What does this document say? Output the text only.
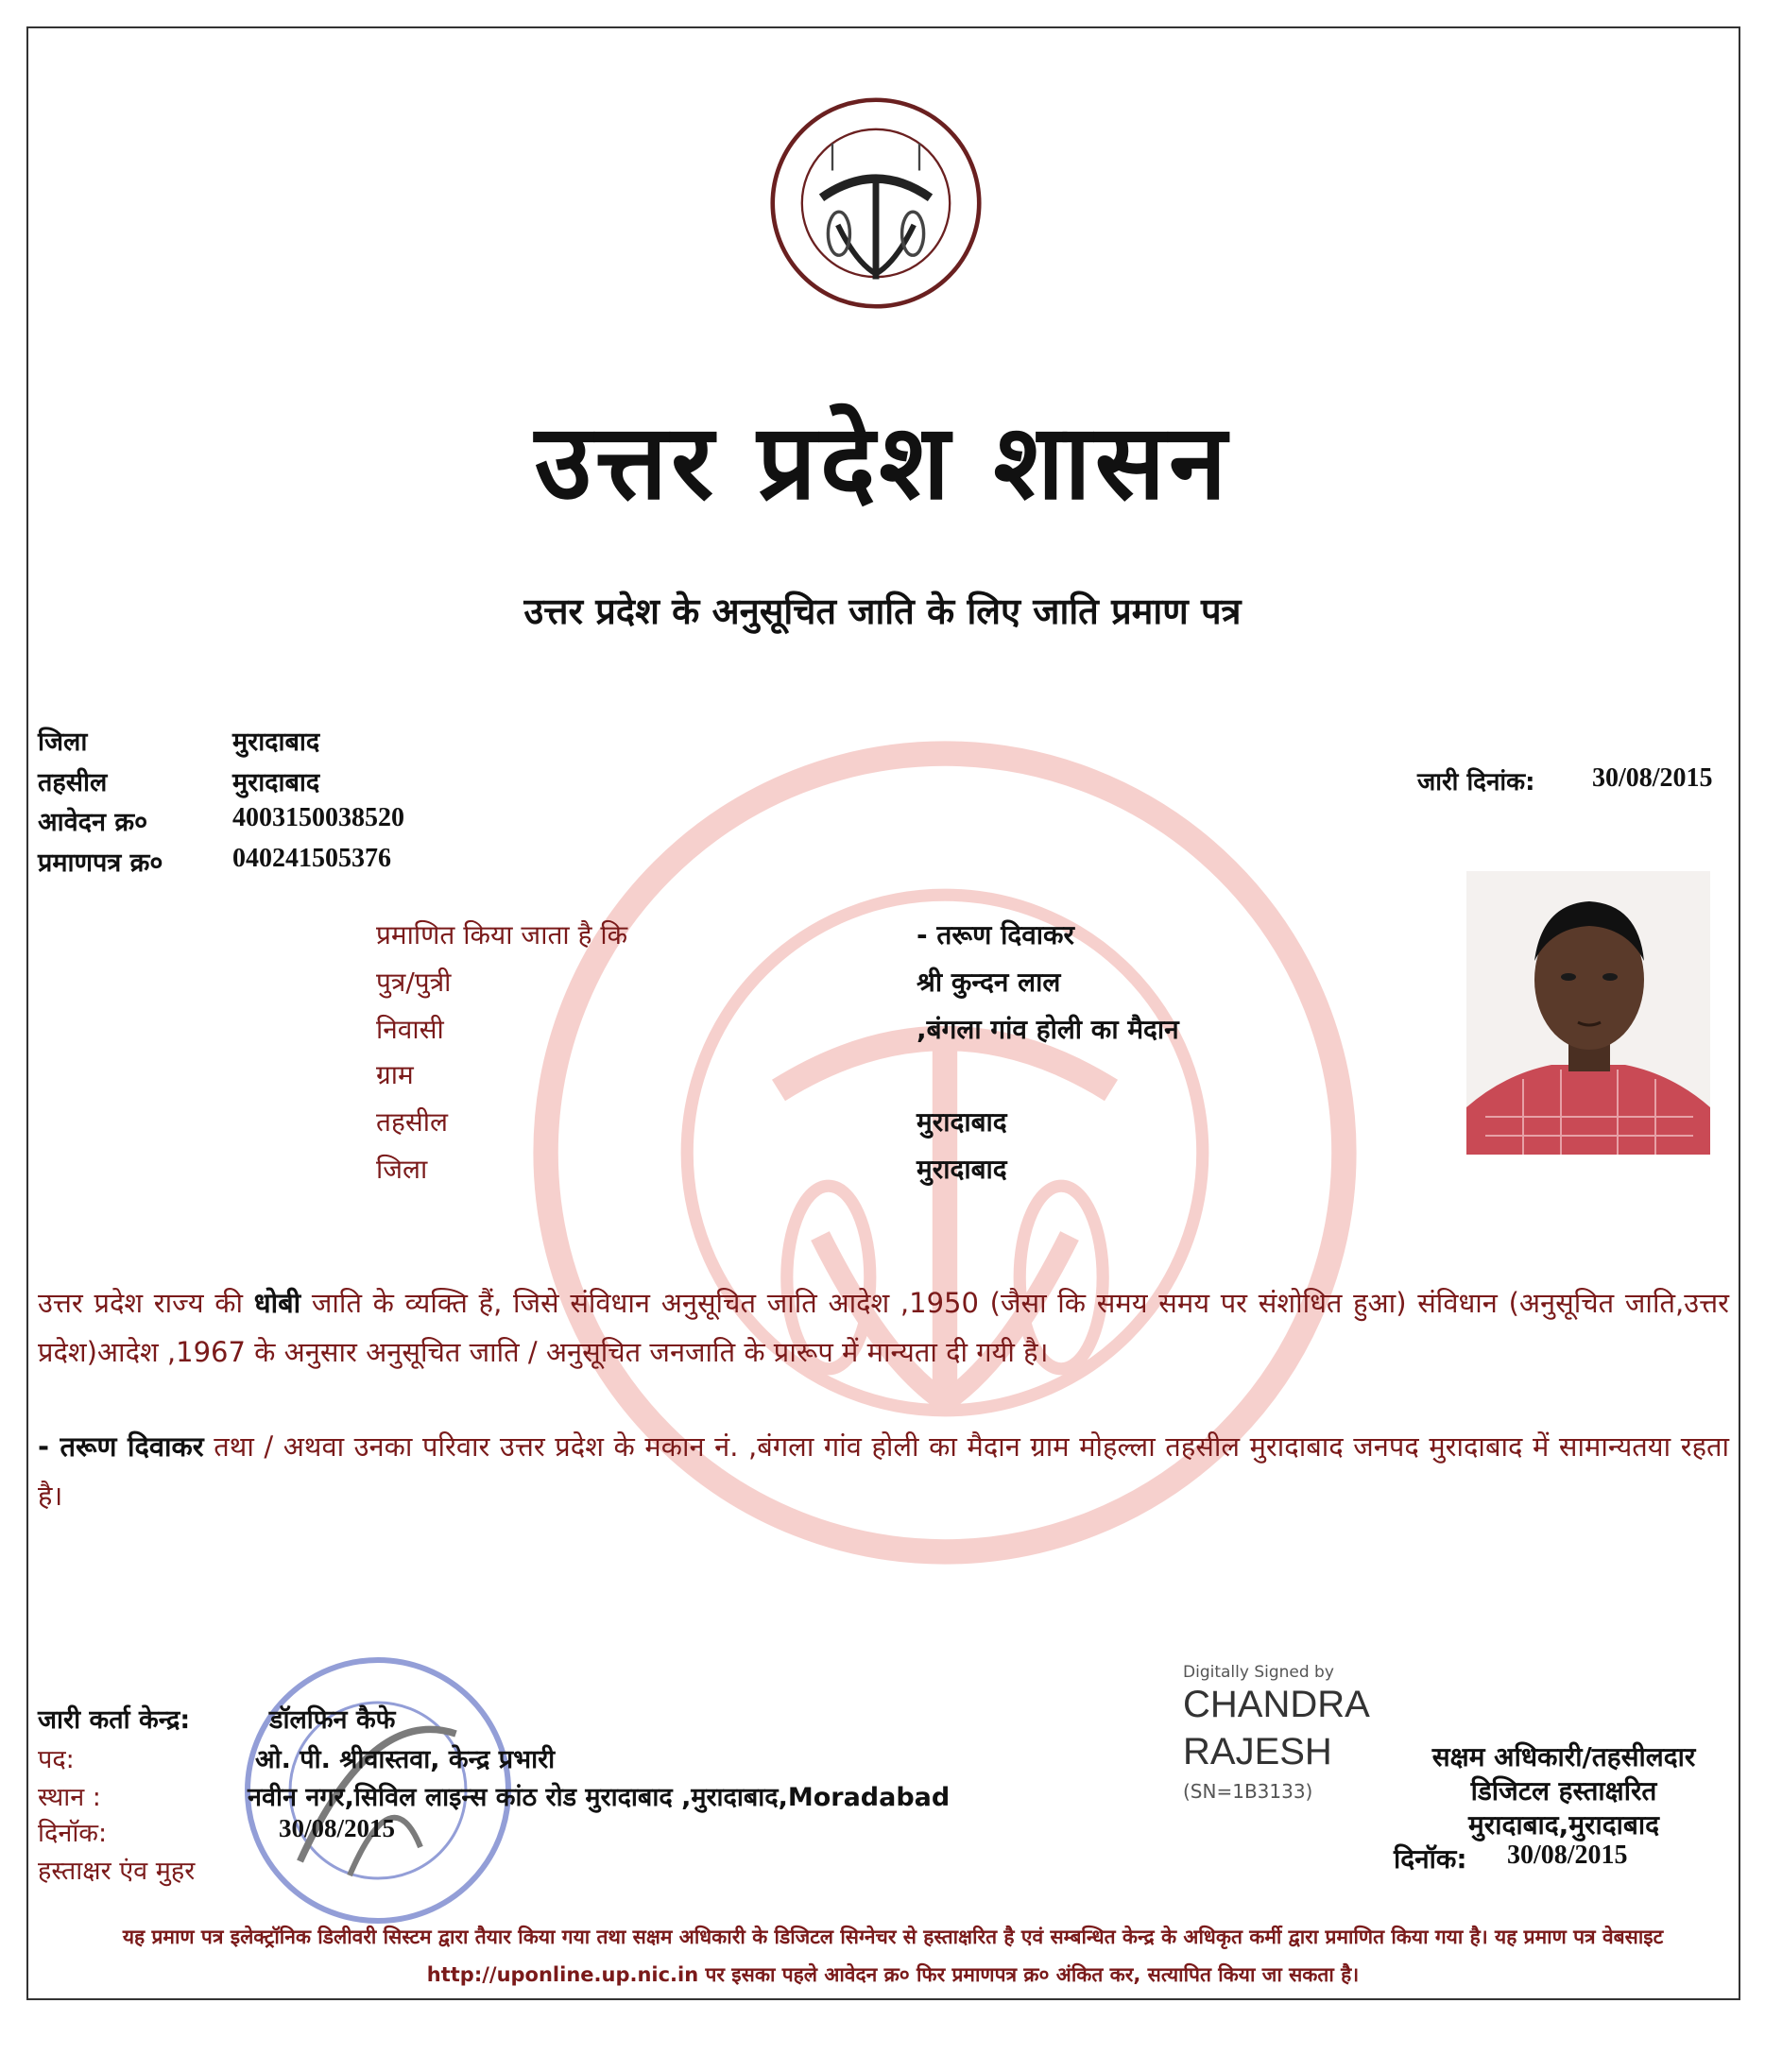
उत्तर प्रदेश शासन
उत्तर प्रदेश के अनुसूचित जाति के लिए जाति प्रमाण पत्र
जिला	मुरादाबाद
तहसील	मुरादाबाद
आवेदन क्र०	4003150038520
प्रमाणपत्र क्र०	040241505376
जारी दिनांक: 30/08/2015
प्रमाणित किया जाता है कि	- तरूण दिवाकर
पुत्र/पुत्री	श्री कुन्दन लाल
निवासी	,बंगला गांव होली का मैदान
ग्राम
तहसील	मुरादाबाद
जिला	मुरादाबाद
उत्तर प्रदेश राज्य की धोबी जाति के व्यक्ति हैं, जिसे संविधान अनुसूचित जाति आदेश ,1950 (जैसा कि समय समय पर संशोधित हुआ) संविधान (अनुसूचित जाति,उत्तर प्रदेश)आदेश ,1967 के अनुसार अनुसूचित जाति / अनुसूचित जनजाति के प्रारूप में मान्यता दी गयी है।
- तरूण दिवाकर तथा / अथवा उनका परिवार उत्तर प्रदेश के मकान नं. ,बंगला गांव होली का मैदान ग्राम मोहल्ला तहसील मुरादाबाद जनपद मुरादाबाद में सामान्यतया रहता है।
जारी कर्ता केन्द्र:	डॉलफिन कैफे
पद:	ओ. पी. श्रीवास्तवा, केन्द्र प्रभारी
स्थान :	नवीन नगर,सिविल लाइन्स कांठ रोड मुरादाबाद ,मुरादाबाद,Moradabad
दिनॉक:	30/08/2015
हस्ताक्षर एंव मुहर
Digitally Signed by
CHANDRA
RAJESH
(SN=1B3133)
सक्षम अधिकारी/तहसीलदार
डिजिटल हस्ताक्षरित
मुरादाबाद,मुरादाबाद
दिनॉक: 30/08/2015
यह प्रमाण पत्र इलेक्ट्रॉनिक डिलीवरी सिस्टम द्वारा तैयार किया गया तथा सक्षम अधिकारी के डिजिटल सिग्नेचर से हस्ताक्षरित है एवं सम्बन्धित केन्द्र के अधिकृत कर्मी द्वारा प्रमाणित किया गया है। यह प्रमाण पत्र वेबसाइट http://uponline.up.nic.in पर इसका पहले आवेदन क्र० फिर प्रमाणपत्र क्र० अंकित कर, सत्यापित किया जा सकता है।
